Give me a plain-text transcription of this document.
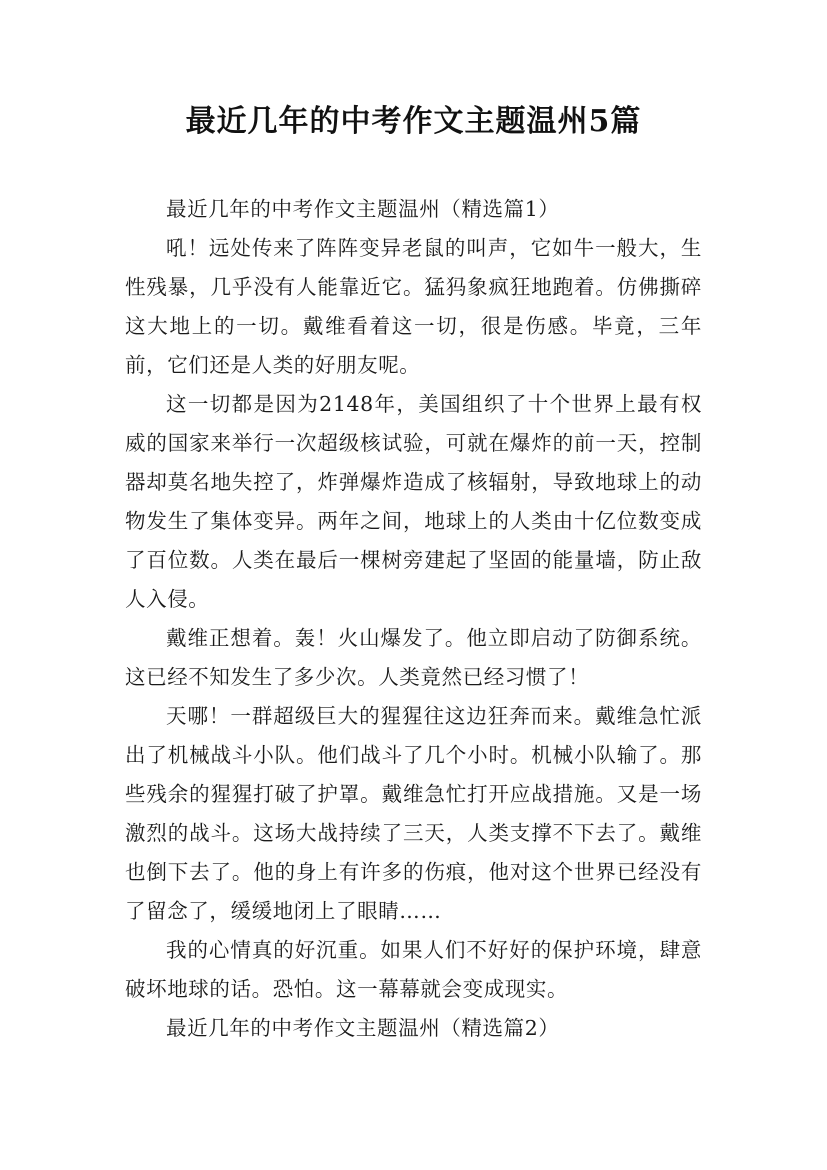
最近几年的中考作文主题温州5篇

最近几年的中考作文主题温州（精选篇1）

吼！远处传来了阵阵变异老鼠的叫声，它如牛一般大，生性残暴，几乎没有人能靠近它。猛犸象疯狂地跑着。仿佛撕碎这大地上的一切。戴维看着这一切，很是伤感。毕竟，三年前，它们还是人类的好朋友呢。

这一切都是因为2148年，美国组织了十个世界上最有权威的国家来举行一次超级核试验，可就在爆炸的前一天，控制器却莫名地失控了，炸弹爆炸造成了核辐射，导致地球上的动物发生了集体变异。两年之间，地球上的人类由十亿位数变成了百位数。人类在最后一棵树旁建起了坚固的能量墙，防止敌人入侵。

戴维正想着。轰！火山爆发了。他立即启动了防御系统。这已经不知发生了多少次。人类竟然已经习惯了！

天哪！一群超级巨大的猩猩往这边狂奔而来。戴维急忙派出了机械战斗小队。他们战斗了几个小时。机械小队输了。那些残余的猩猩打破了护罩。戴维急忙打开应战措施。又是一场激烈的战斗。这场大战持续了三天，人类支撑不下去了。戴维也倒下去了。他的身上有许多的伤痕，他对这个世界已经没有了留念了，缓缓地闭上了眼睛……

我的心情真的好沉重。如果人们不好好的保护环境，肆意破坏地球的话。恐怕。这一幕幕就会变成现实。

最近几年的中考作文主题温州（精选篇2）
